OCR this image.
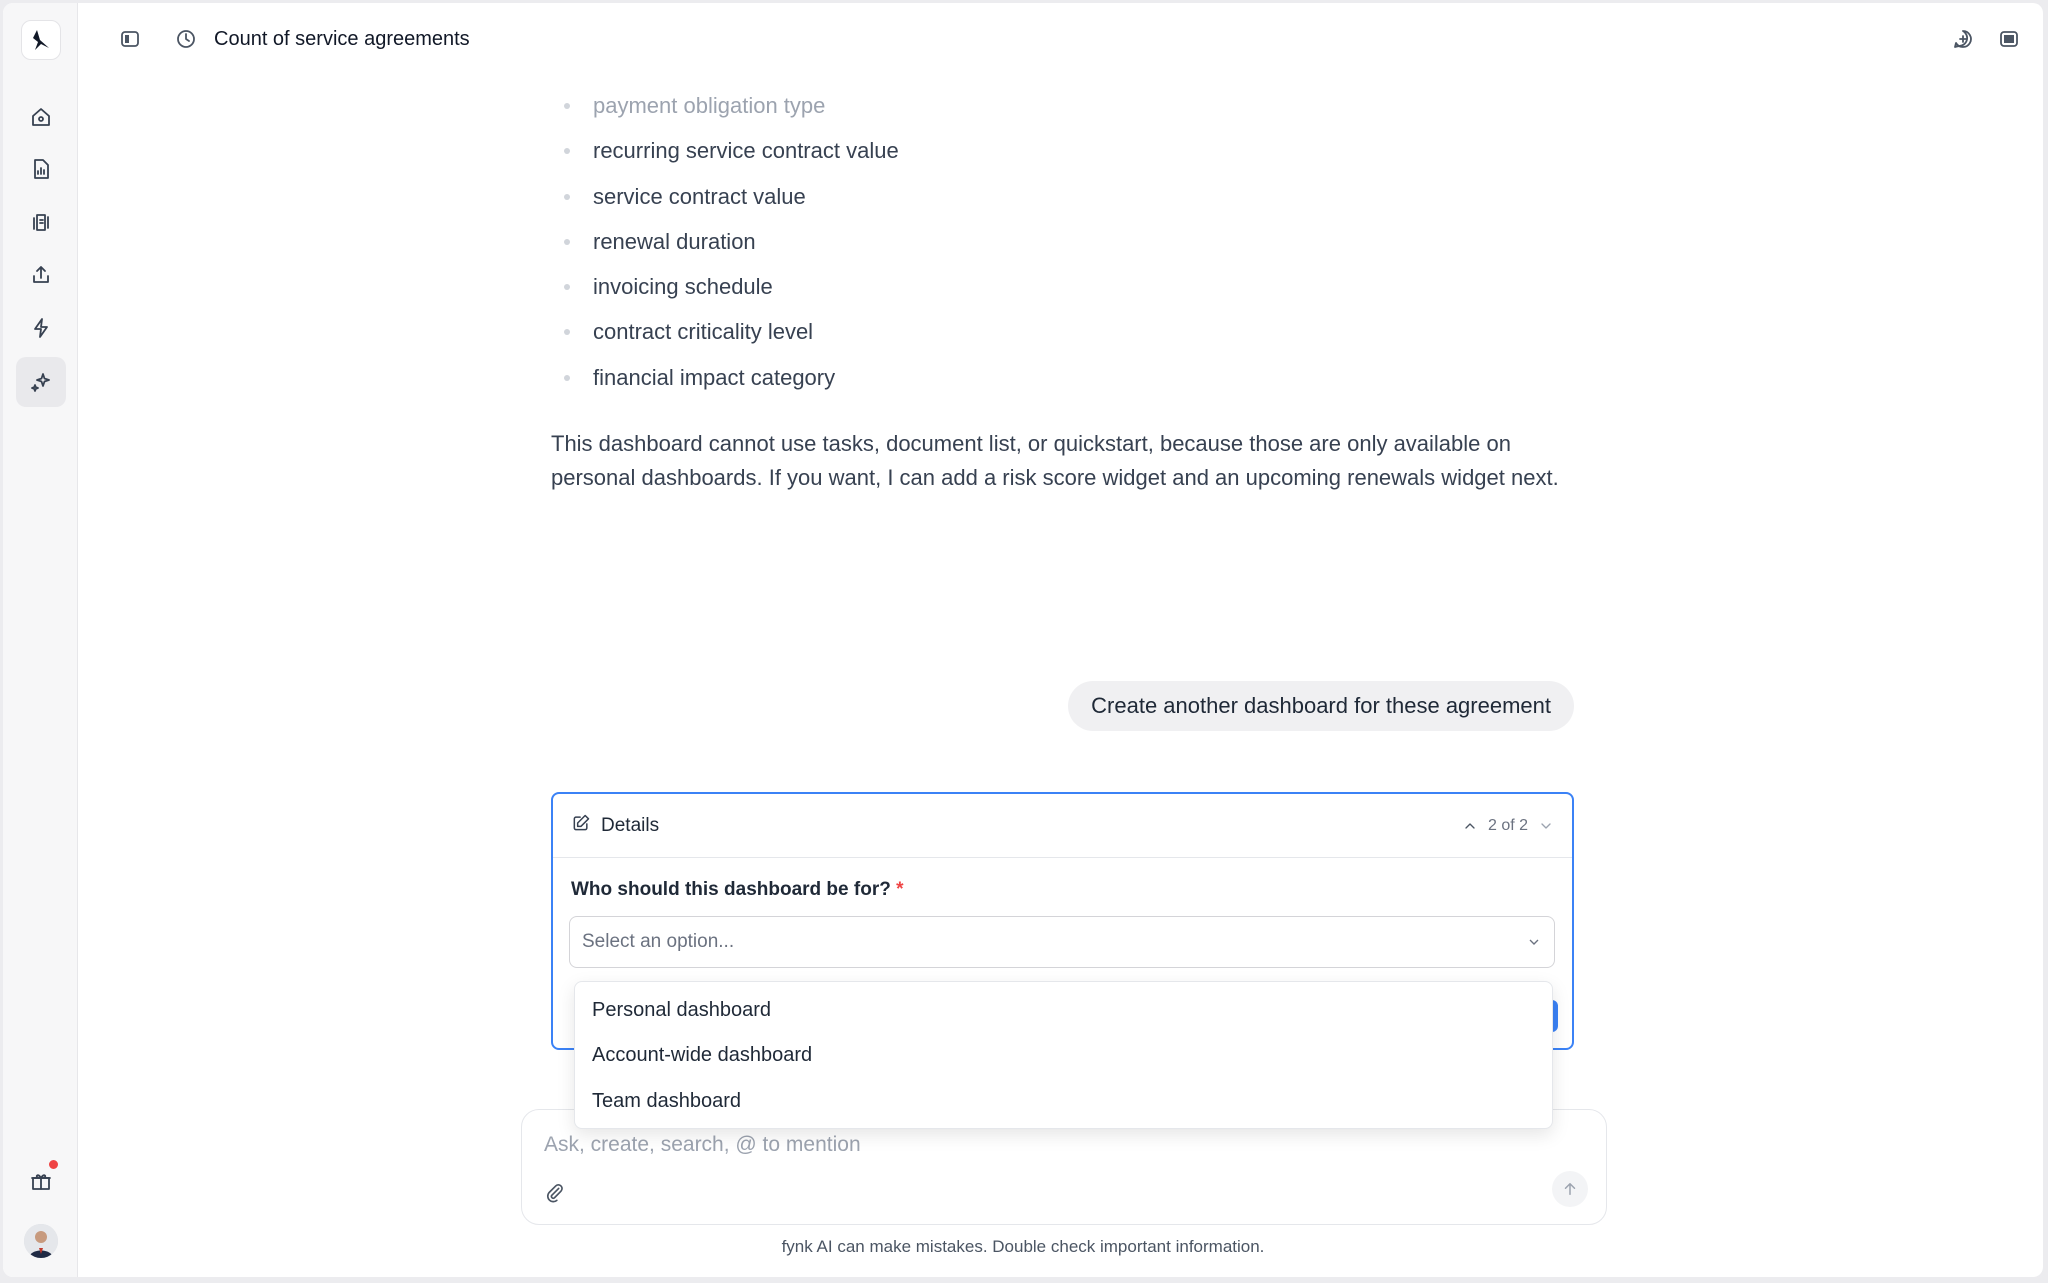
Count of service agreements
payment obligation type
recurring service contract value
service contract value
renewal duration
invoicing schedule
contract criticality level
financial impact category

This dashboard cannot use tasks, document list, or quickstart, because those are only available on personal dashboards. If you want, I can add a risk score widget and an upcoming renewals widget next.

Create another dashboard for these agreement
Details	2 of 2
Who should this dashboard be for? *
Select an option...
Personal dashboard
Account-wide dashboard
Team dashboard
Ask, create, search, @ to mention
fynk AI can make mistakes. Double check important information.
